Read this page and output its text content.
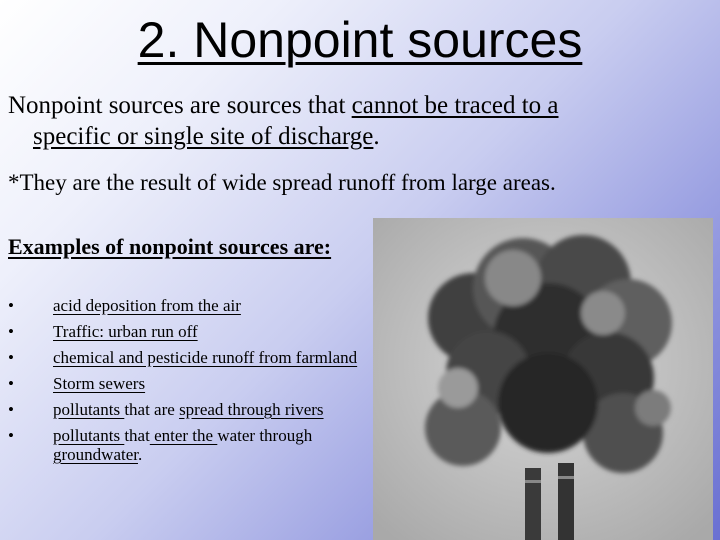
2. Nonpoint sources
Nonpoint sources are sources that cannot be traced to a
specific or single site of discharge.
*They are the result of wide spread runoff from large areas.
Examples of nonpoint sources are:
• acid deposition from the air
• Traffic: urban run off
• chemical and pesticide runoff from farmland
• Storm sewers
• pollutants that are spread through rivers
• pollutants that enter the water through groundwater.
